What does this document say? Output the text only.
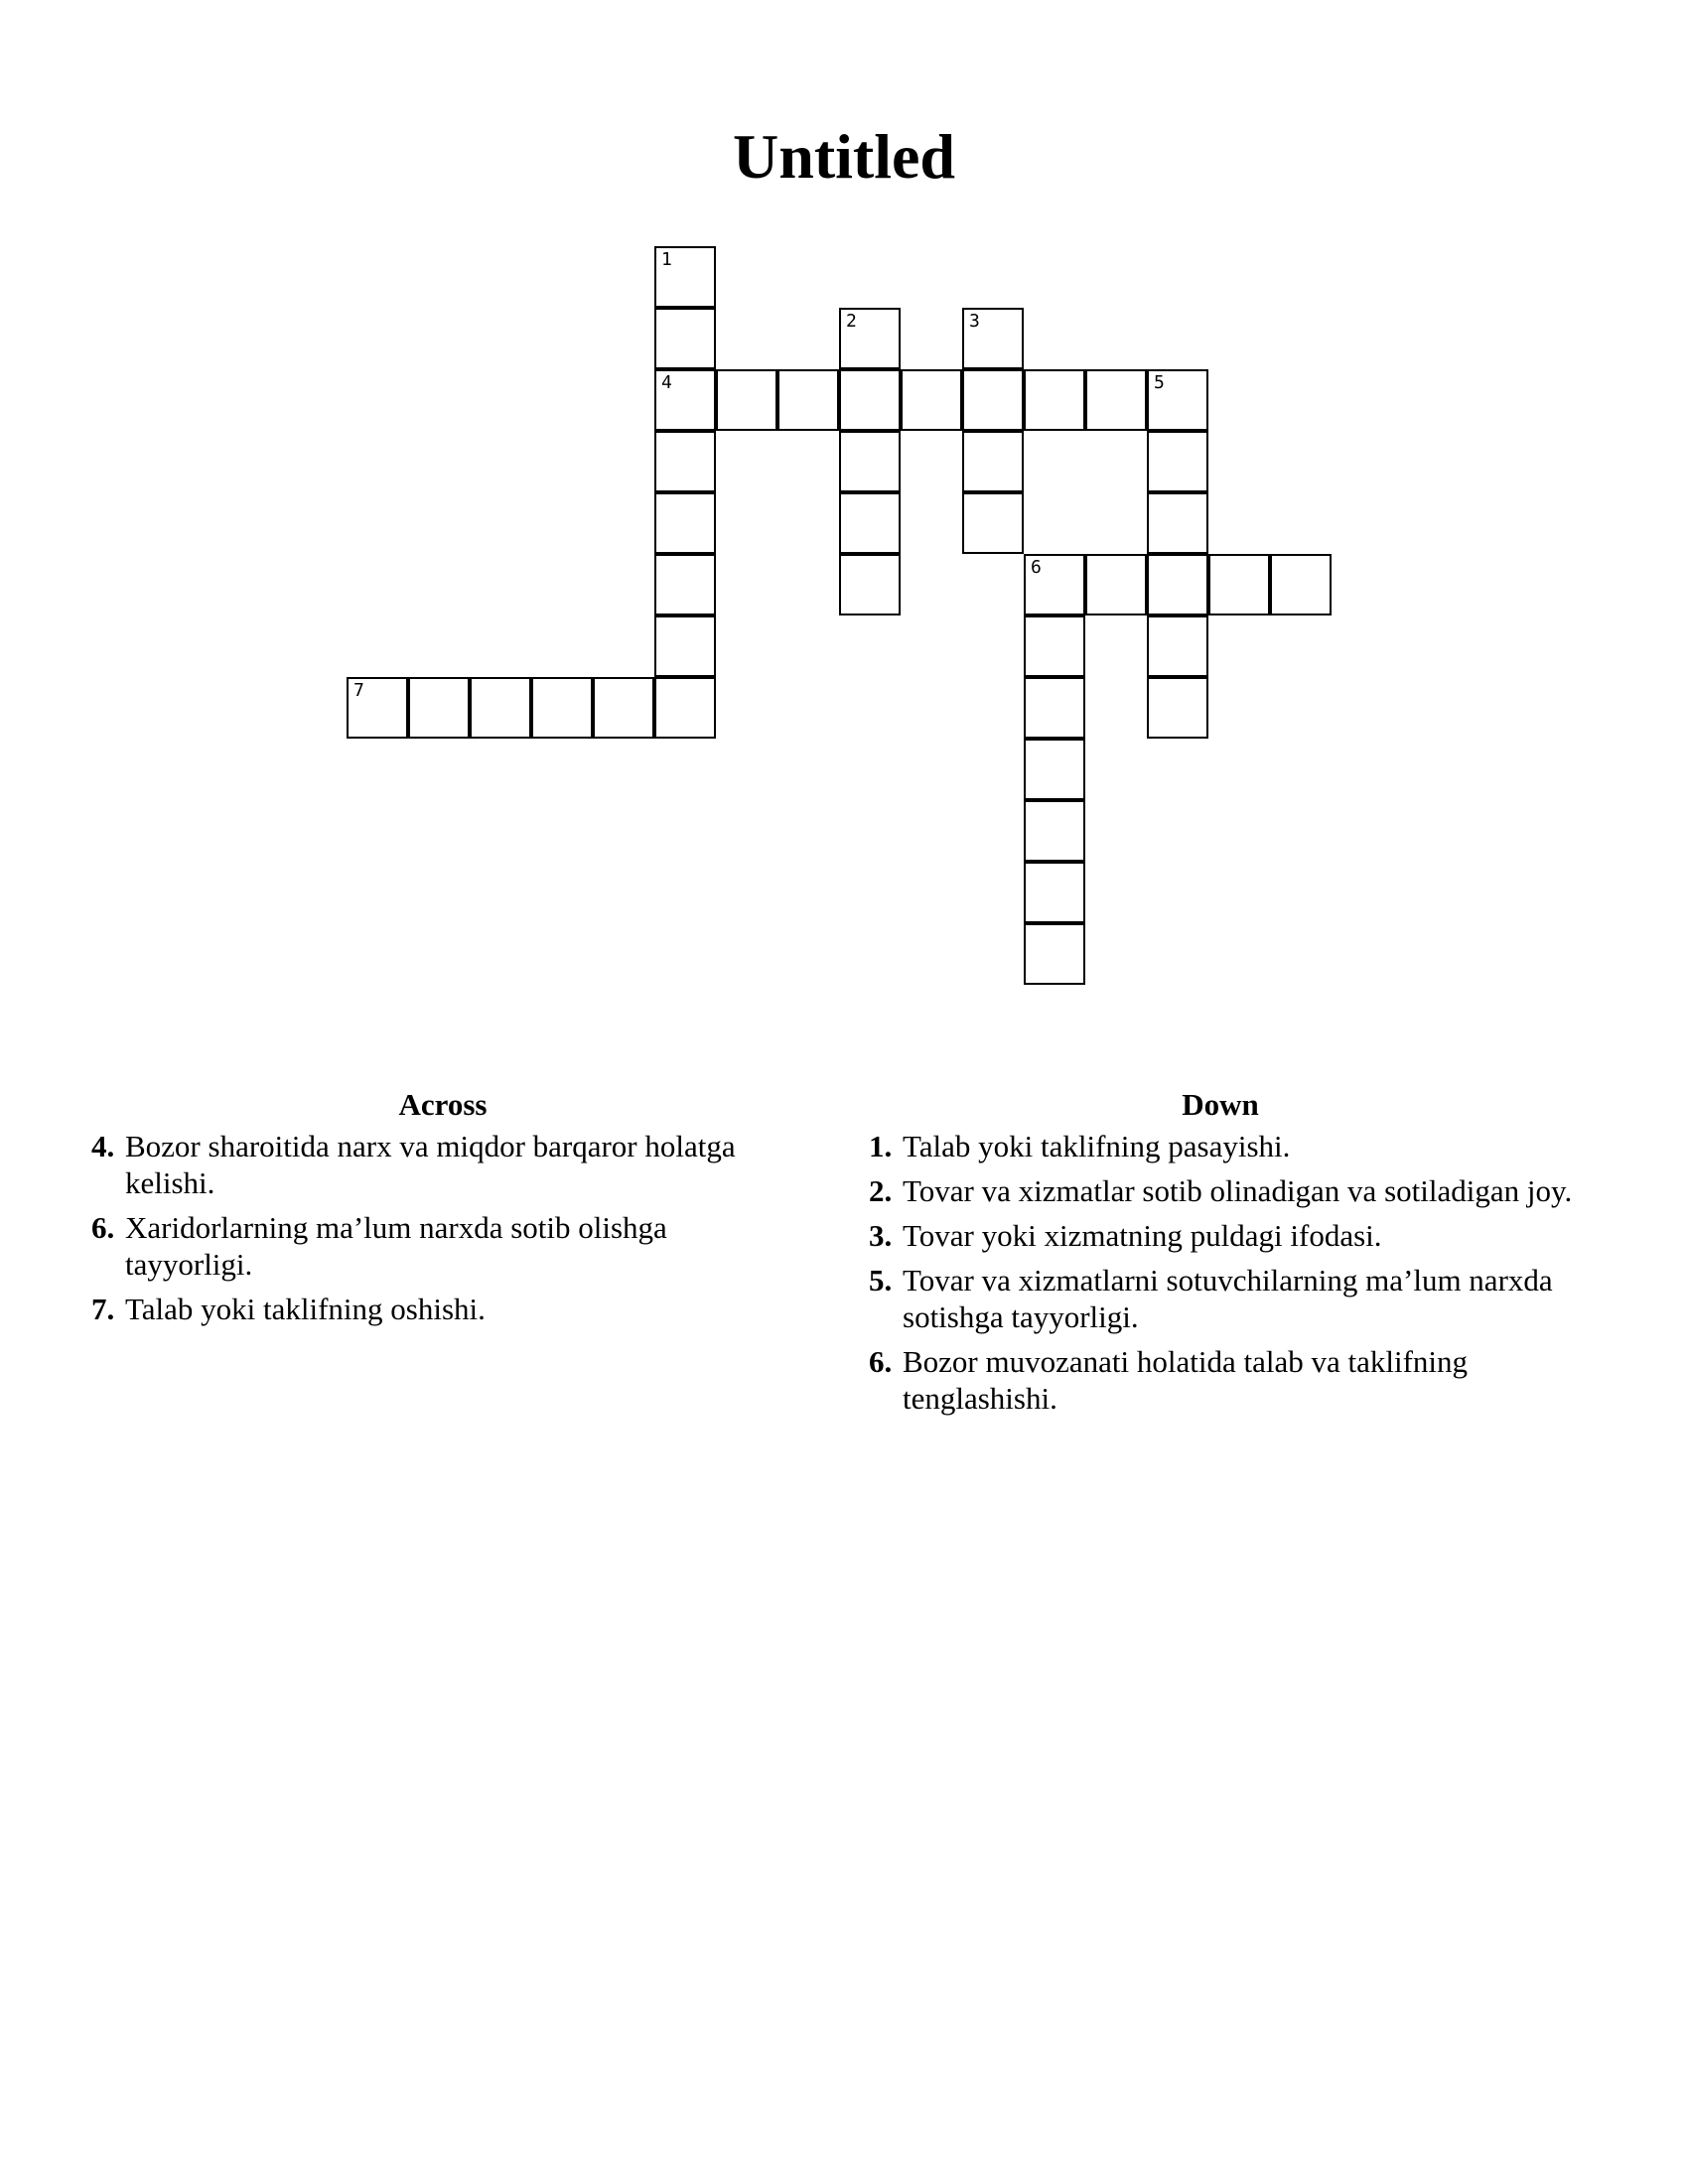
Untitled
1
4
2	3
5
6
7
Across
4. Bozor sharoitida narx va miqdor barqaror holatga kelishi.
6. Xaridorlarning ma’lum narxda sotib olishga tayyorligi.
7. Talab yoki taklifning oshishi.
Down
1. Talab yoki taklifning pasayishi.
2. Tovar va xizmatlar sotib olinadigan va sotiladigan joy.
3. Tovar yoki xizmatning puldagi ifodasi.
5. Tovar va xizmatlarni sotuvchilarning ma’lum narxda sotishga tayyorligi.
6. Bozor muvozanati holatida talab va taklifning tenglashishi.
